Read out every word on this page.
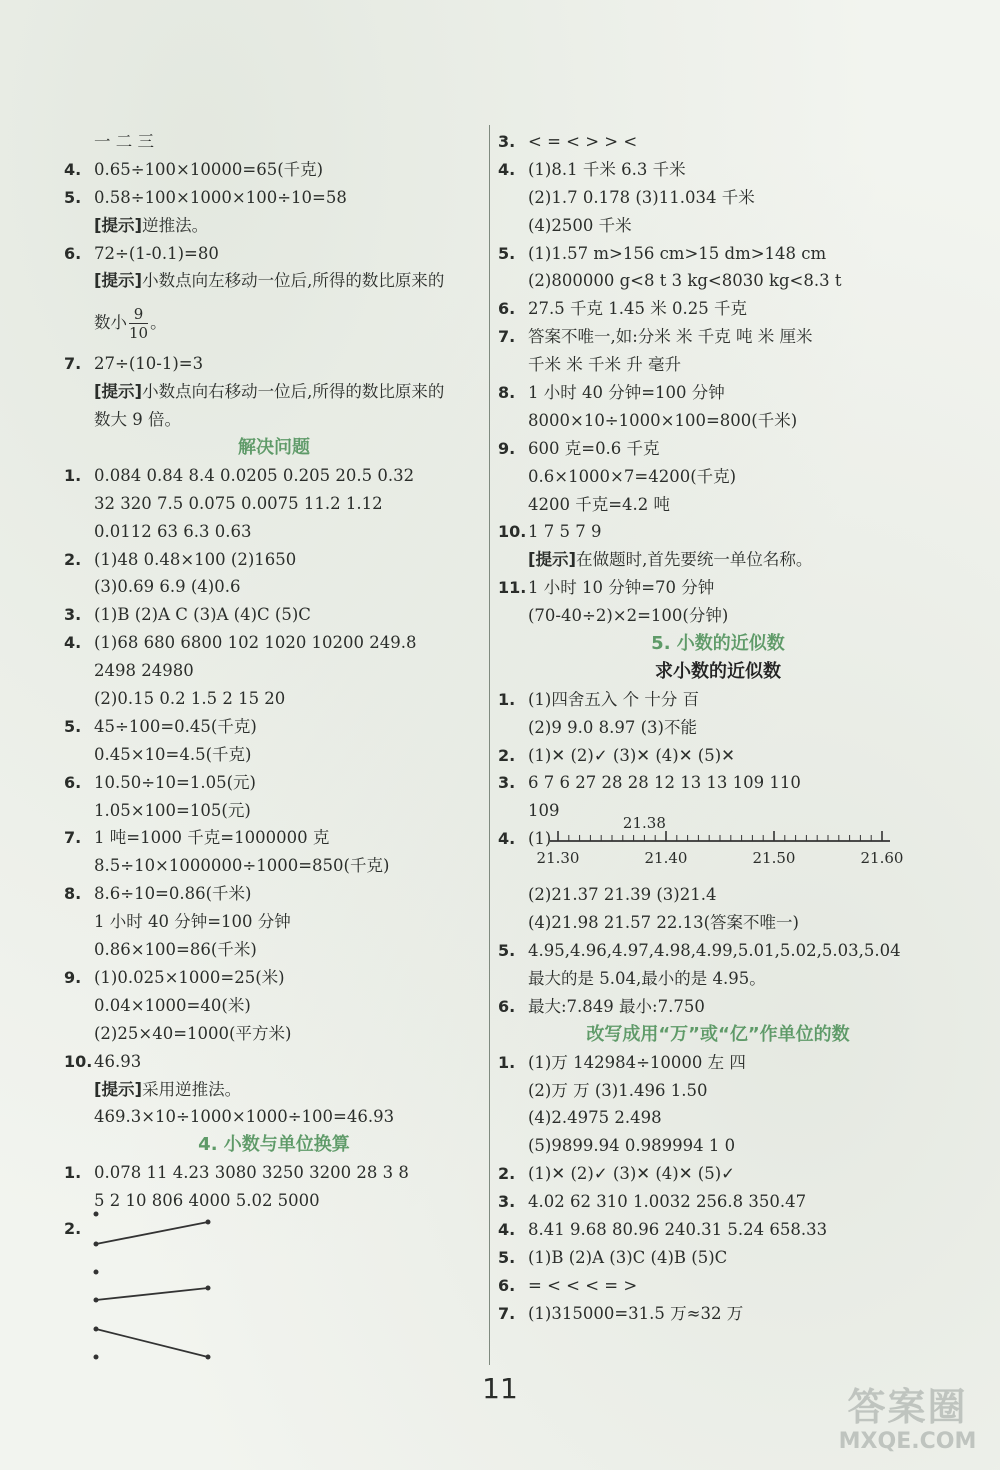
一 二 三
4. 0.65÷100×10000=65(千克)
5. 0.58÷100×1000×100÷10=58
[提示]逆推法。
6. 72÷(1-0.1)=80
[提示]小数点向左移动一位后,所得的数比原来的
数小 $\frac{9}{10}$ 。
7. 27÷(10-1)=3
[提示]小数点向右移动一位后,所得的数比原来的
数大 9 倍。
解决问题
1. 0.084 0.84 8.4 0.0205 0.205 20.5 0.32
32 320 7.5 0.075 0.0075 11.2 1.12
0.0112 63 6.3 0.63
2. (1)48 0.48×100 (2)1650
(3)0.69 6.9 (4)0.6
3. (1)B (2)A C (3)A (4)C (5)C
4. (1)68 680 6800 102 1020 10200 249.8
2498 24980
(2)0.15 0.2 1.5 2 15 20
5. 45÷100=0.45(千克)
0.45×10=4.5(千克)
6. 10.50÷10=1.05(元)
1.05×100=105(元)
7. 1 吨=1000 千克=1000000 克
8.5÷10×1000000÷1000=850(千克)
8. 8.6÷10=0.86(千米)
1 小时 40 分钟=100 分钟
0.86×100=86(千米)
9. (1)0.025×1000=25(米)
0.04×1000=40(米)
(2)25×40=1000(平方米)
10. 46.93
[提示]采用逆推法。
469.3×10÷1000×1000÷100=46.93
4. 小数与单位换算
1. 0.078 11 4.23 3080 3250 3200 28 3 8
5 2 10 806 4000 5.02 5000
2.
3. < = < > > <
4. (1)8.1 千米 6.3 千米
(2)1.7 0.178 (3)11.034 千米
(4)2500 千米
5. (1)1.57 m>156 cm>15 dm>148 cm
(2)800000 g<8 t 3 kg<8030 kg<8.3 t
6. 27.5 千克 1.45 米 0.25 千克
7. 答案不唯一,如:分米 米 千克 吨 米 厘米
千米 米 千米 升 毫升
8. 1 小时 40 分钟=100 分钟
8000×10÷1000×100=800(千米)
9. 600 克=0.6 千克
0.6×1000×7=4200(千克)
4200 千克=4.2 吨
10. 1 7 5 7 9
[提示]在做题时,首先要统一单位名称。
11. 1 小时 10 分钟=70 分钟
(70-40÷2)×2=100(分钟)
5. 小数的近似数
求小数的近似数
1. (1)四舍五入 个 十分 百
(2)9 9.0 8.97 (3)不能
2. (1)✕ (2)✓ (3)✕ (4)✕ (5)✕
3. 6 7 6 27 28 28 12 13 13 109 110
109
4. (1)
21.30	21.40	21.50	21.60
21.38
(2)21.37 21.39 (3)21.4
(4)21.98 21.57 22.13(答案不唯一)
5. 4.95,4.96,4.97,4.98,4.99,5.01,5.02,5.03,5.04
最大的是 5.04,最小的是 4.95。
6. 最大:7.849 最小:7.750
改写成用“万”或“亿”作单位的数
1. (1)万 142984÷10000 左 四
(2)万 万 (3)1.496 1.50
(4)2.4975 2.498
(5)9899.94 0.989994 1 0
2. (1)✕ (2)✓ (3)✕ (4)✕ (5)✓
3. 4.02 62 310 1.0032 256.8 350.47
4. 8.41 9.68 80.96 240.31 5.24 658.33
5. (1)B (2)A (3)C (4)B (5)C
6. = < < < = >
7. (1)315000=31.5 万≈32 万
11	答案圈
MXQE.COM
